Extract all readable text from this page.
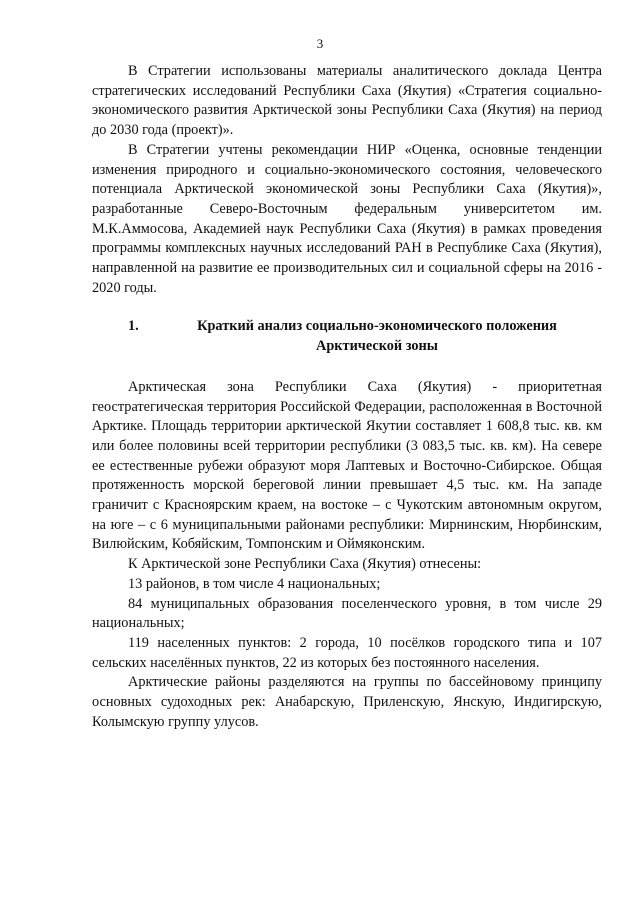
3

В Стратегии использованы материалы аналитического доклада Центра стратегических исследований Республики Саха (Якутия) «Стратегия социально-экономического развития Арктической зоны Республики Саха (Якутия) на период до 2030 года (проект)».

В Стратегии учтены рекомендации НИР «Оценка, основные тенденции изменения природного и социально-экономического состояния, человеческого потенциала Арктической экономической зоны Республики Саха (Якутия)», разработанные Северо-Восточным федеральным университетом им. М.К.Аммосова, Академией наук Республики Саха (Якутия) в рамках проведения программы комплексных научных исследований РАН в Республике Саха (Якутия), направленной на развитие ее производительных сил и социальной сферы на 2016 - 2020 годы.

1.	Краткий анализ социально-экономического положения
Арктической зоны

Арктическая зона Республики Саха (Якутия) - приоритетная геостратегическая территория Российской Федерации, расположенная в Восточной Арктике. Площадь территории арктической Якутии составляет 1 608,8 тыс. кв. км или более половины всей территории республики (3 083,5 тыс. кв. км). На севере ее естественные рубежи образуют моря Лаптевых и Восточно-Сибирское. Общая протяженность морской береговой линии превышает 4,5 тыс. км. На западе граничит с Красноярским краем, на востоке – с Чукотским автономным округом, на юге – с 6 муниципальными районами республики: Мирнинским, Нюрбинским, Вилюйским, Кобяйским, Томпонским и Оймяконским.

К Арктической зоне Республики Саха (Якутия) отнесены:

13 районов, в том числе 4 национальных;

84 муниципальных образования поселенческого уровня, в том числе 29 национальных;

119 населенных пунктов: 2 города, 10 посёлков городского типа и 107 сельских населённых пунктов, 22 из которых без постоянного населения.

Арктические районы разделяются на группы по бассейновому принципу основных судоходных рек: Анабарскую, Приленскую, Янскую, Индигирскую, Колымскую группу улусов.
